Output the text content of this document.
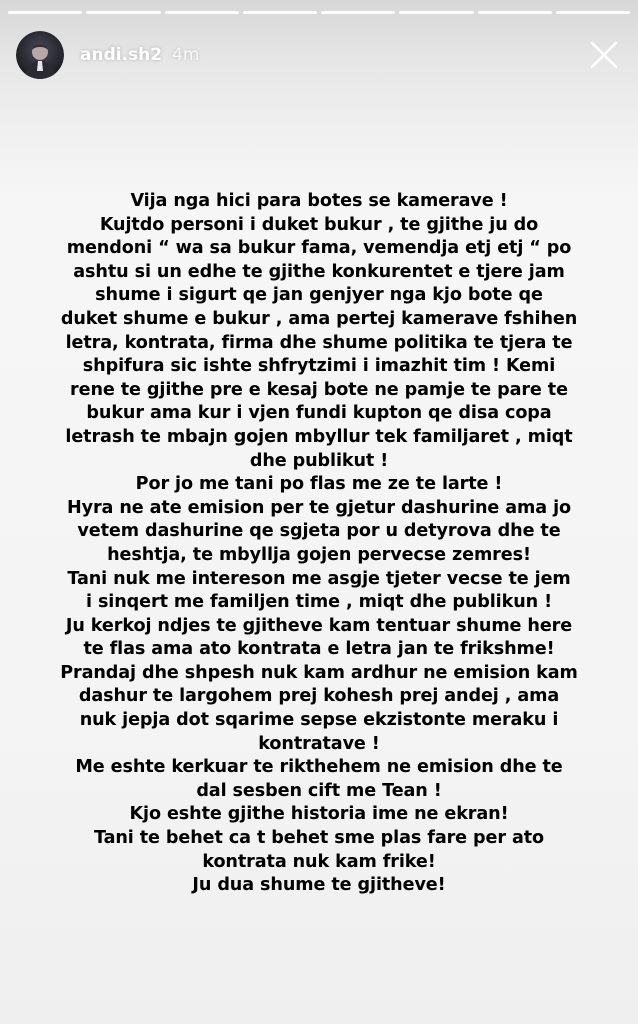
andi.sh2 4m
Vija nga hici para botes se kamerave !
Kujtdo personi i duket bukur , te gjithe ju do
mendoni “ wa sa bukur fama, vemendja etj etj “ po
ashtu si un edhe te gjithe konkurentet e tjere jam
shume i sigurt qe jan genjyer nga kjo bote qe
duket shume e bukur , ama pertej kamerave fshihen
letra, kontrata, firma dhe shume politika te tjera te
shpifura sic ishte shfrytzimi i imazhit tim ! Kemi
rene te gjithe pre e kesaj bote ne pamje te pare te
bukur ama kur i vjen fundi kupton qe disa copa
letrash te mbajn gojen mbyllur tek familjaret , miqt
dhe publikut !
Por jo me tani po flas me ze te larte !
Hyra ne ate emision per te gjetur dashurine ama jo
vetem dashurine qe sgjeta por u detyrova dhe te
heshtja, te mbyllja gojen pervecse zemres!
Tani nuk me intereson me asgje tjeter vecse te jem
i sinqert me familjen time , miqt dhe publikun !
Ju kerkoj ndjes te gjitheve kam tentuar shume here
te flas ama ato kontrata e letra jan te frikshme!
Prandaj dhe shpesh nuk kam ardhur ne emision kam
dashur te largohem prej kohesh prej andej , ama
nuk jepja dot sqarime sepse ekzistonte meraku i
kontratave !
Me eshte kerkuar te rikthehem ne emision dhe te
dal sesben cift me Tean !
Kjo eshte gjithe historia ime ne ekran!
Tani te behet ca t behet sme plas fare per ato
kontrata nuk kam frike!
Ju dua shume te gjitheve!
